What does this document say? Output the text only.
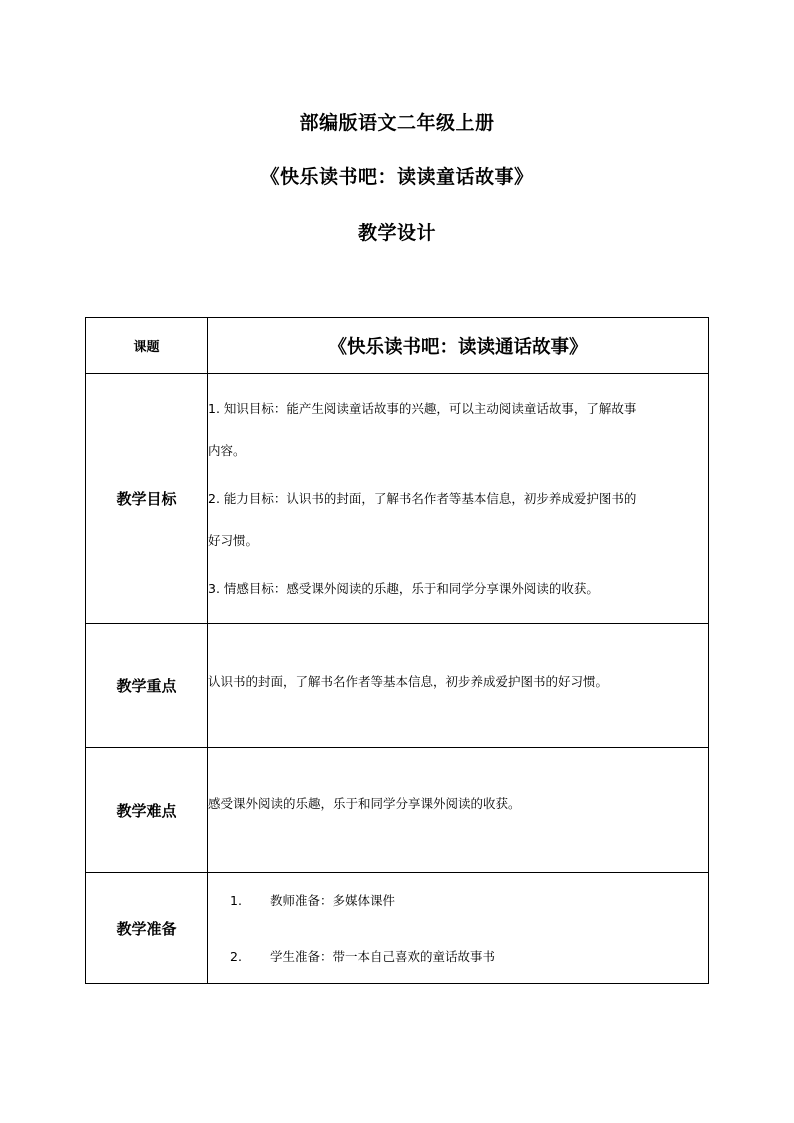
部编版语文二年级上册
《快乐读书吧：读读童话故事》
教学设计
课题	《快乐读书吧：读读通话故事》
教学目标	1. 知识目标：能产生阅读童话故事的兴趣，可以主动阅读童话故事，了解故事
内容。
2. 能力目标：认识书的封面，了解书名作者等基本信息，初步养成爱护图书的
好习惯。
3. 情感目标：感受课外阅读的乐趣，乐于和同学分享课外阅读的收获。

教学重点	认识书的封面，了解书名作者等基本信息，初步养成爱护图书的好习惯。

教学难点	感受课外阅读的乐趣，乐于和同学分享课外阅读的收获。

教学准备	1. 教师准备：多媒体课件
2. 学生准备：带一本自己喜欢的童话故事书
